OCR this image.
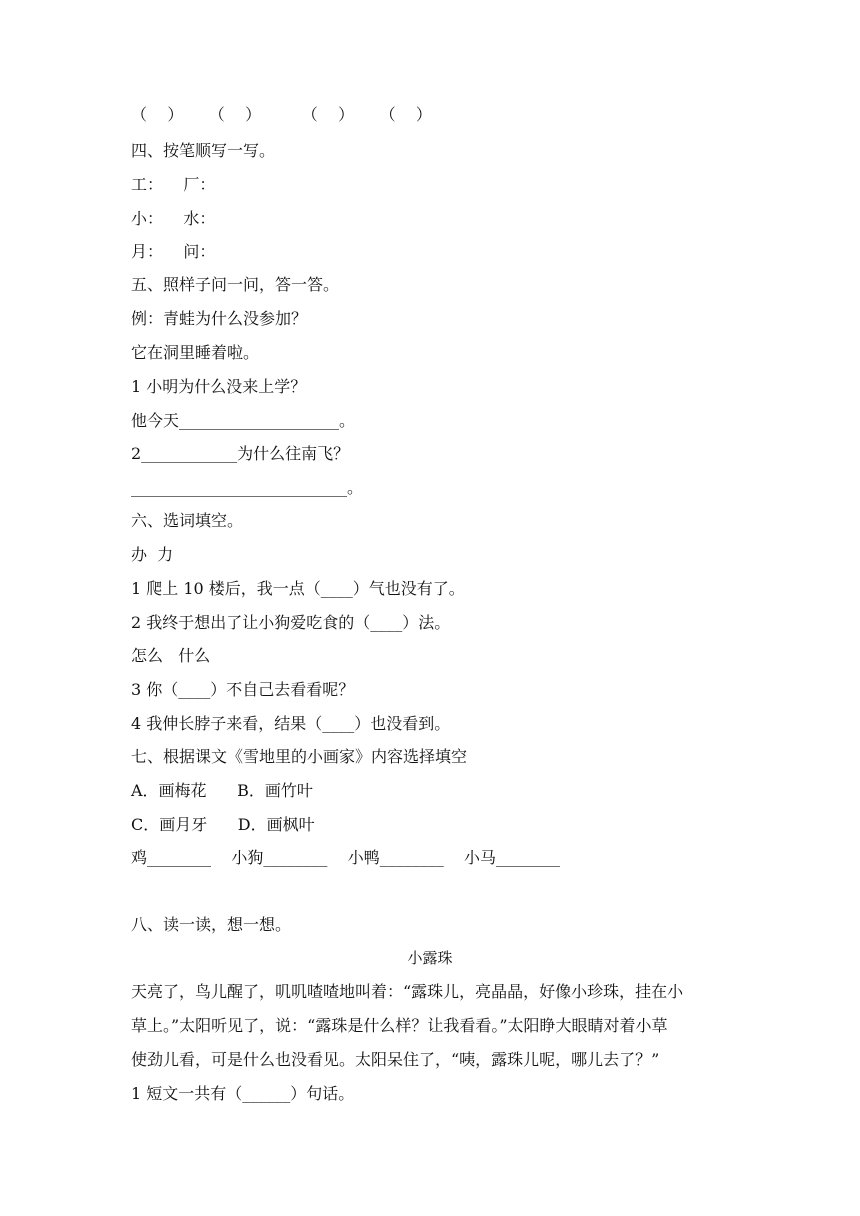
（    ）     （    ）        （    ）     （    ）
四、按笔顺写一写。
工：    厂：
小：    水：
月：    问：
五、照样子问一问，答一答。
例：青蛙为什么没参加？
它在洞里睡着啦。
1 小明为什么没来上学？
他今天____________________。
2____________为什么往南飞？
___________________________。
六、选词填空。
办  力
1 爬上 10 楼后，我一点（____）气也没有了。
2 我终于想出了让小狗爱吃食的（____）法。
怎么   什么
3 你（____）不自己去看看呢？
4 我伸长脖子来看，结果（____）也没看到。
七、根据课文《雪地里的小画家》内容选择填空
A．画梅花      B．画竹叶
C．画月牙      D．画枫叶
鸡________    小狗________    小鸭________    小马________
八、读一读，想一想。
小露珠
天亮了，鸟儿醒了，叽叽喳喳地叫着：“露珠儿，亮晶晶，好像小珍珠，挂在小
草上。”太阳听见了，说：“露珠是什么样？让我看看。”太阳睁大眼睛对着小草
使劲儿看，可是什么也没看见。太阳呆住了，“咦，露珠儿呢，哪儿去了？”
1 短文一共有（______）句话。
